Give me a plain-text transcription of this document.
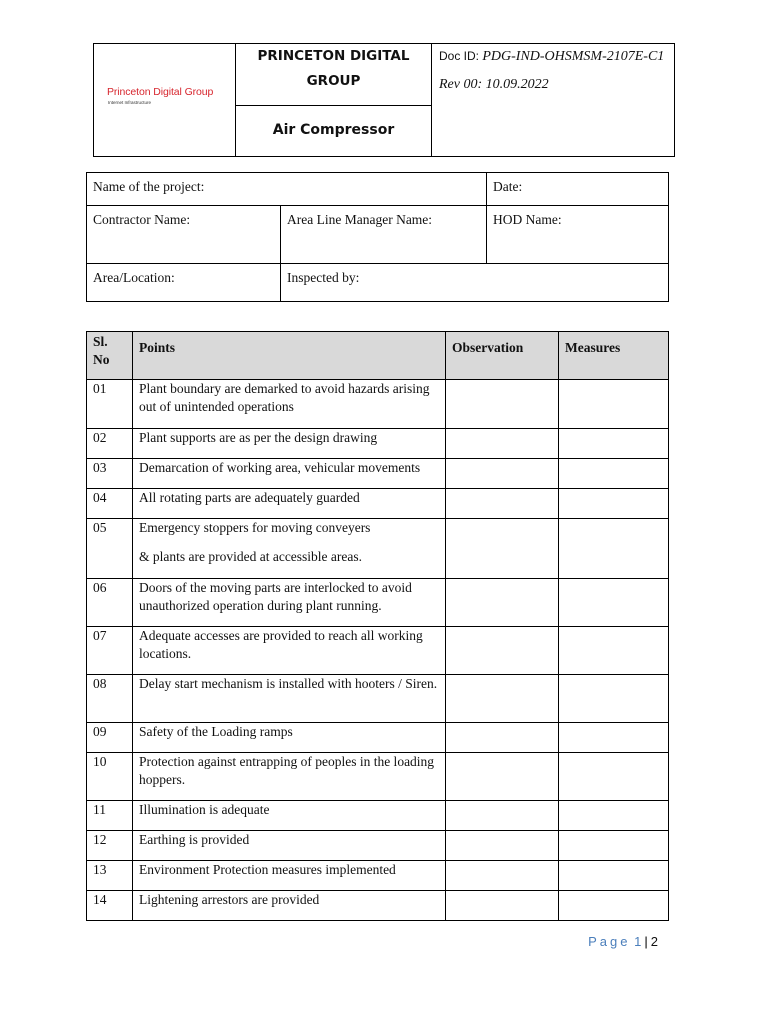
Princeton Digital Group
Internet Infrastructure

PRINCETON DIGITAL
GROUP

Doc ID: PDG-IND-OHSMSM-2107E-C1
Rev 00: 10.09.2022

Air Compressor
Name of the project:		Date:
Contractor Name:	Area Line Manager Name:	HOD Name:
Area/Location:	Inspected by:	
Sl. No	Points	Observation	Measures
01	Plant boundary are demarked to avoid hazards arising out of unintended operations		
02	Plant supports are as per the design drawing		
03	Demarcation of working area, vehicular movements		
04	All rotating parts are adequately guarded		
05	Emergency stoppers for moving conveyers

& plants are provided at accessible areas.		

06	Doors of the moving parts are interlocked to avoid unauthorized operation during plant running.		
07	Adequate accesses are provided to reach all working locations.		
08	Delay start mechanism is installed with hooters / Siren.		
09	Safety of the Loading ramps		
10	Protection against entrapping of peoples in the loading hoppers.		
11	Illumination is adequate		
12	Earthing is provided		
13	Environment Protection measures implemented		
14	Lightening arrestors are provided		
Page 1 | 2
